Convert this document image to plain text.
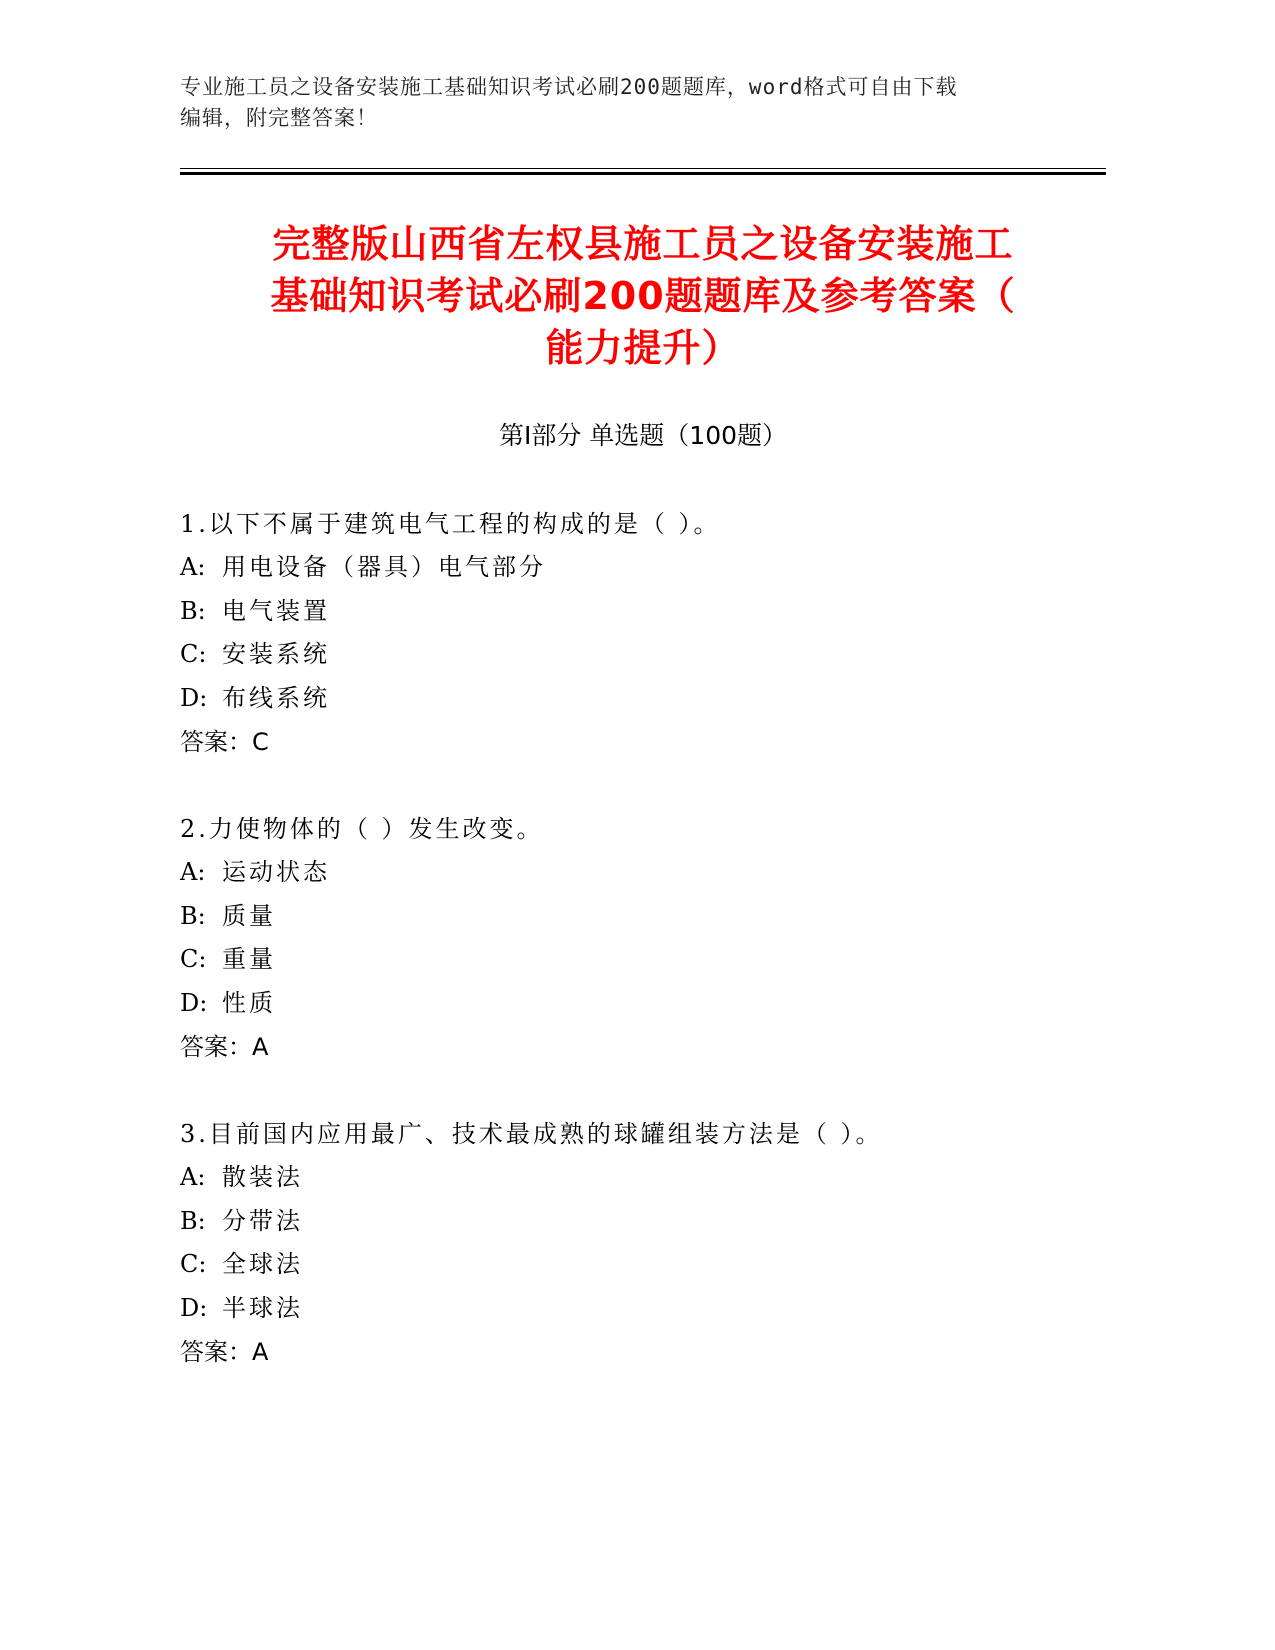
专业施工员之设备安装施工基础知识考试必刷200题题库，word格式可自由下载
编辑，附完整答案！
完整版山西省左权县施工员之设备安装施工
基础知识考试必刷200题题库及参考答案（
能力提升）
第I部分 单选题（100题）
1.以下不属于建筑电气工程的构成的是（ ）。
A: 用电设备（器具）电气部分
B: 电气装置
C: 安装系统
D: 布线系统
答案：C
2.力使物体的（ ）发生改变。
A: 运动状态
B: 质量
C: 重量
D: 性质
答案：A
3.目前国内应用最广、技术最成熟的球罐组装方法是（ ）。
A: 散装法
B: 分带法
C: 全球法
D: 半球法
答案：A
